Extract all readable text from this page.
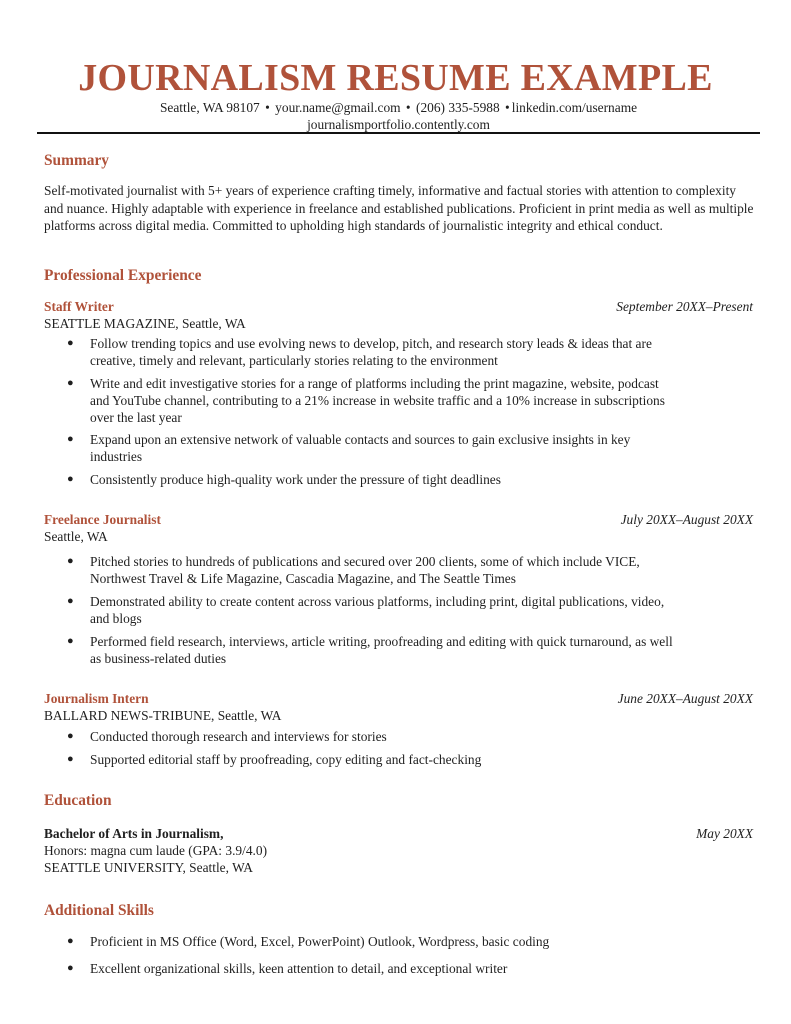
JOURNALISM RESUME EXAMPLE
Seattle, WA 98107 • your.name@gmail.com • (206) 335-5988 • linkedin.com/username
journalismportfolio.contently.com
Summary
Self-motivated journalist with 5+ years of experience crafting timely, informative and factual stories with attention to complexity and nuance. Highly adaptable with experience in freelance and established publications. Proficient in print media as well as multiple platforms across digital media. Committed to upholding high standards of journalistic integrity and ethical conduct.
Professional Experience
Staff Writer	September 20XX–Present
SEATTLE MAGAZINE, Seattle, WA
● Follow trending topics and use evolving news to develop, pitch, and research story leads & ideas that are creative, timely and relevant, particularly stories relating to the environment
● Write and edit investigative stories for a range of platforms including the print magazine, website, podcast and YouTube channel, contributing to a 21% increase in website traffic and a 10% increase in subscriptions over the last year
● Expand upon an extensive network of valuable contacts and sources to gain exclusive insights in key industries
● Consistently produce high-quality work under the pressure of tight deadlines
Freelance Journalist	July 20XX–August 20XX
Seattle, WA
● Pitched stories to hundreds of publications and secured over 200 clients, some of which include VICE, Northwest Travel & Life Magazine, Cascadia Magazine, and The Seattle Times
● Demonstrated ability to create content across various platforms, including print, digital publications, video, and blogs
● Performed field research, interviews, article writing, proofreading and editing with quick turnaround, as well as business-related duties
Journalism Intern	June 20XX–August 20XX
BALLARD NEWS-TRIBUNE, Seattle, WA
● Conducted thorough research and interviews for stories
● Supported editorial staff by proofreading, copy editing and fact-checking
Education
Bachelor of Arts in Journalism,	May 20XX
Honors: magna cum laude (GPA: 3.9/4.0)
SEATTLE UNIVERSITY, Seattle, WA
Additional Skills
● Proficient in MS Office (Word, Excel, PowerPoint) Outlook, Wordpress, basic coding
● Excellent organizational skills, keen attention to detail, and exceptional writer
